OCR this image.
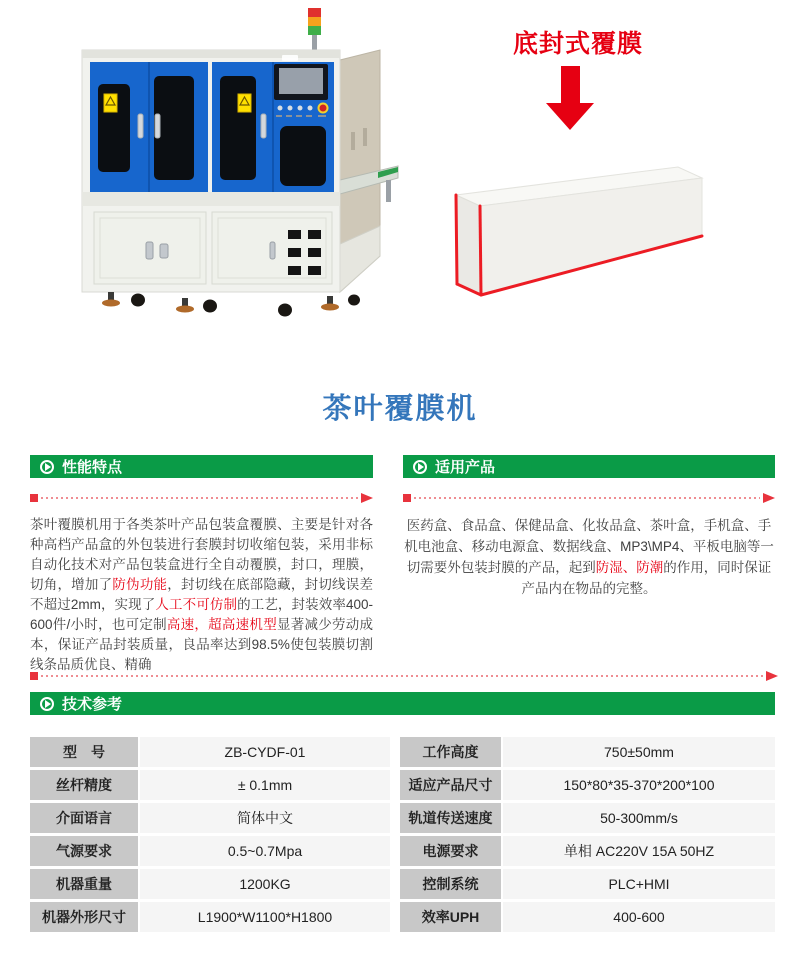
底封式覆膜
茶叶覆膜机
性能特点

茶叶覆膜机用于各类茶叶产品包装盒覆膜、主要是针对各种高档产品盒的外包装进行套膜封切收缩包装，采用非标自动化技术对产品包装盒进行全自动覆膜，封口，理膜，切角，增加了防伪功能，封切线在底部隐藏，封切线误差不超过2mm，实现了人工不可仿制的工艺，封装效率400-600件/小时，也可定制高速，超高速机型显著减少劳动成本，保证产品封装质量，良品率达到98.5%使包装膜切割线条品质优良、精确

适用产品

医药盒、食品盒、保健品盒、化妆品盒、茶叶盒，手机盒、手机电池盒、移动电源盒、数据线盒、MP3\MP4、平板电脑等一切需要外包装封膜的产品，起到防湿、防潮的作用，同时保证产品内在物品的完整。

技术参考
型　号	ZB-CYDF-01	工作高度	750±50mm
丝杆精度	± 0.1mm	适应产品尺寸	150*80*35-370*200*100
介面语言	简体中文	轨道传送速度	50-300mm/s
气源要求	0.5~0.7Mpa	电源要求	单相 AC220V 15A 50HZ
机器重量	1200KG	控制系统	PLC+HMI
机器外形尺寸	L1900*W1100*H1800	效率UPH	400-600
